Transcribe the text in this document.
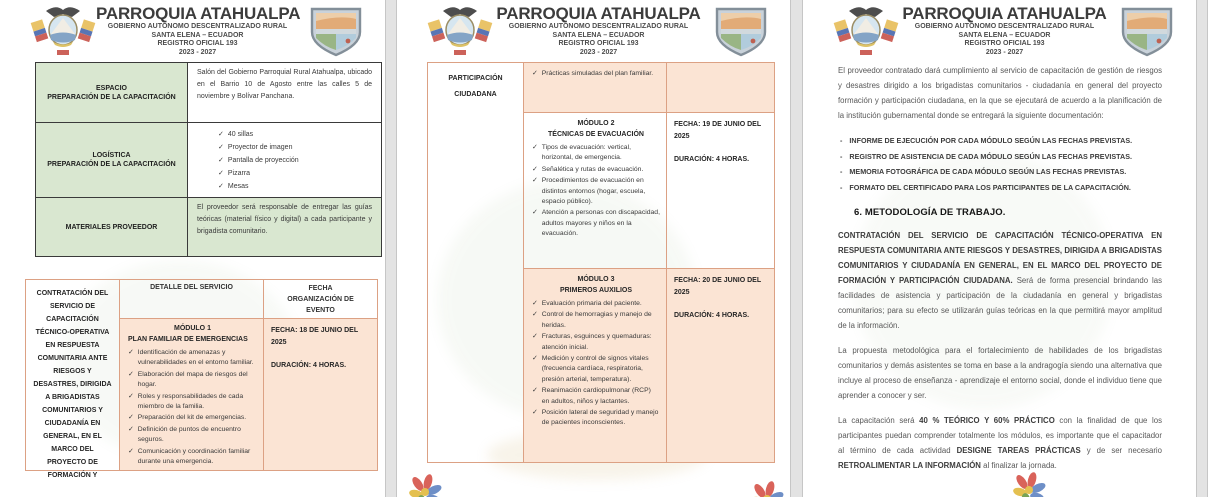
PARROQUIA ATAHUALPA
GOBIERNO AUTÓNOMO DESCENTRALIZADO RURAL
SANTA ELENA – ECUADOR
REGISTRO OFICIAL 193
2023 - 2027
ESPACIO
PREPARACIÓN DE LA CAPACITACIÓN
Salón del Gobierno Parroquial Rural Atahualpa, ubicado en el Barrio 10 de Agosto entre las calles 5 de noviembre y Bolívar Panchana.
LOGÍSTICA
PREPARACIÓN DE LA CAPACITACIÓN
✓
40 sillas
✓
Proyector de imagen
✓
Pantalla de proyección
✓
Pizarra
✓
Mesas
MATERIALES PROVEEDOR
El proveedor será responsable de entregar las guías teóricas (material físico y digital) a cada participante y brigadista comunitario.
CONTRATACIÓN DEL SERVICIO DE CAPACITACIÓN TÉCNICO-OPERATIVA EN RESPUESTA COMUNITARIA ANTE RIESGOS Y DESASTRES, DIRIGIDA A BRIGADISTAS COMUNITARIOS Y CIUDADANÍA EN GENERAL, EN EL MARCO DEL PROYECTO DE FORMACIÓN Y
DETALLE DEL SERVICIO	FECHA
ORGANIZACIÓN DE
EVENTO
MÓDULO 1
PLAN FAMILIAR DE EMERGENCIAS
✓
Identificación de amenazas y vulnerabilidades en el entorno familiar.
✓
Elaboración del mapa de riesgos del hogar.
✓
Roles y responsabilidades de cada miembro de la familia.
✓
Preparación del kit de emergencias.
✓
Definición de puntos de encuentro seguros.
✓
Comunicación y coordinación familiar durante una emergencia.
FECHA: 18 DE JUNIO DEL 2025
DURACIÓN: 4 HORAS.
PARROQUIA ATAHUALPA
GOBIERNO AUTÓNOMO DESCENTRALIZADO RURAL
SANTA ELENA – ECUADOR
REGISTRO OFICIAL 193
2023 - 2027
PARTICIPACIÓN
CIUDADANA
✓
Prácticas simuladas del plan familiar.
MÓDULO 2
TÉCNICAS DE EVACUACIÓN
✓
Tipos de evacuación: vertical, horizontal, de emergencia.
✓
Señalética y rutas de evacuación.
✓
Procedimientos de evacuación en distintos entornos (hogar, escuela, espacio público).
✓
Atención a personas con discapacidad, adultos mayores y niños en la evacuación.
FECHA: 19 DE JUNIO DEL 2025
DURACIÓN: 4 HORAS.
MÓDULO 3
PRIMEROS AUXILIOS
✓
Evaluación primaria del paciente.
✓
Control de hemorragias y manejo de heridas.
✓
Fracturas, esguinces y quemaduras: atención inicial.
✓
Medición y control de signos vitales (frecuencia cardíaca, respiratoria, presión arterial, temperatura).
✓
Reanimación cardiopulmonar (RCP) en adultos, niños y lactantes.
✓
Posición lateral de seguridad y manejo de pacientes inconscientes.
FECHA: 20 DE JUNIO DEL 2025
DURACIÓN: 4 HORAS.
PARROQUIA ATAHUALPA
GOBIERNO AUTÓNOMO DESCENTRALIZADO RURAL
SANTA ELENA – ECUADOR
REGISTRO OFICIAL 193
2023 - 2027

El proveedor contratado dará cumplimiento al servicio de capacitación de gestión de riesgos y desastres dirigido a los brigadistas comunitarios - ciudadanía en general del proyecto formación y participación ciudadana, en la que se ejecutará de acuerdo a la planificación de la institución gubernamental donde se entregará la siguiente documentación:

-
INFORME DE EJECUCIÓN POR CADA MÓDULO SEGÚN LAS FECHAS PREVISTAS.
-
REGISTRO DE ASISTENCIA DE CADA MÓDULO SEGÚN LAS FECHAS PREVISTAS.
-
MEMORIA FOTOGRÁFICA DE CADA MÓDULO SEGÚN LAS FECHAS PREVISTAS.
-
FORMATO DEL CERTIFICADO PARA LOS PARTICIPANTES DE LA CAPACITACIÓN.
6. METODOLOGÍA DE TRABAJO.

CONTRATACIÓN DEL SERVICIO DE CAPACITACIÓN TÉCNICO-OPERATIVA EN RESPUESTA COMUNITARIA ANTE RIESGOS Y DESASTRES, DIRIGIDA A BRIGADISTAS COMUNITARIOS Y CIUDADANÍA EN GENERAL, EN EL MARCO DEL PROYECTO DE FORMACIÓN Y PARTICIPACIÓN CIUDADANA. Será de forma presencial brindando las facilidades de asistencia y participación de la ciudadanía en general y brigadistas comunitarios; para su efecto se utilizarán guías teóricas en la que permitirá mayor amplitud de la información.

La propuesta metodológica para el fortalecimiento de habilidades de los brigadistas comunitarios y demás asistentes se toma en base a la andragogía siendo una alternativa que incluye al proceso de enseñanza - aprendizaje el entorno social, donde el individuo tiene que aprender a conocer y ser.

La capacitación será 40 % TEÓRICO Y 60% PRÁCTICO con la finalidad de que los participantes puedan comprender totalmente los módulos, es importante que el capacitador al término de cada actividad DESIGNE TAREAS PRÁCTICAS y de ser necesario RETROALIMENTAR LA INFORMACIÓN al finalizar la jornada.
